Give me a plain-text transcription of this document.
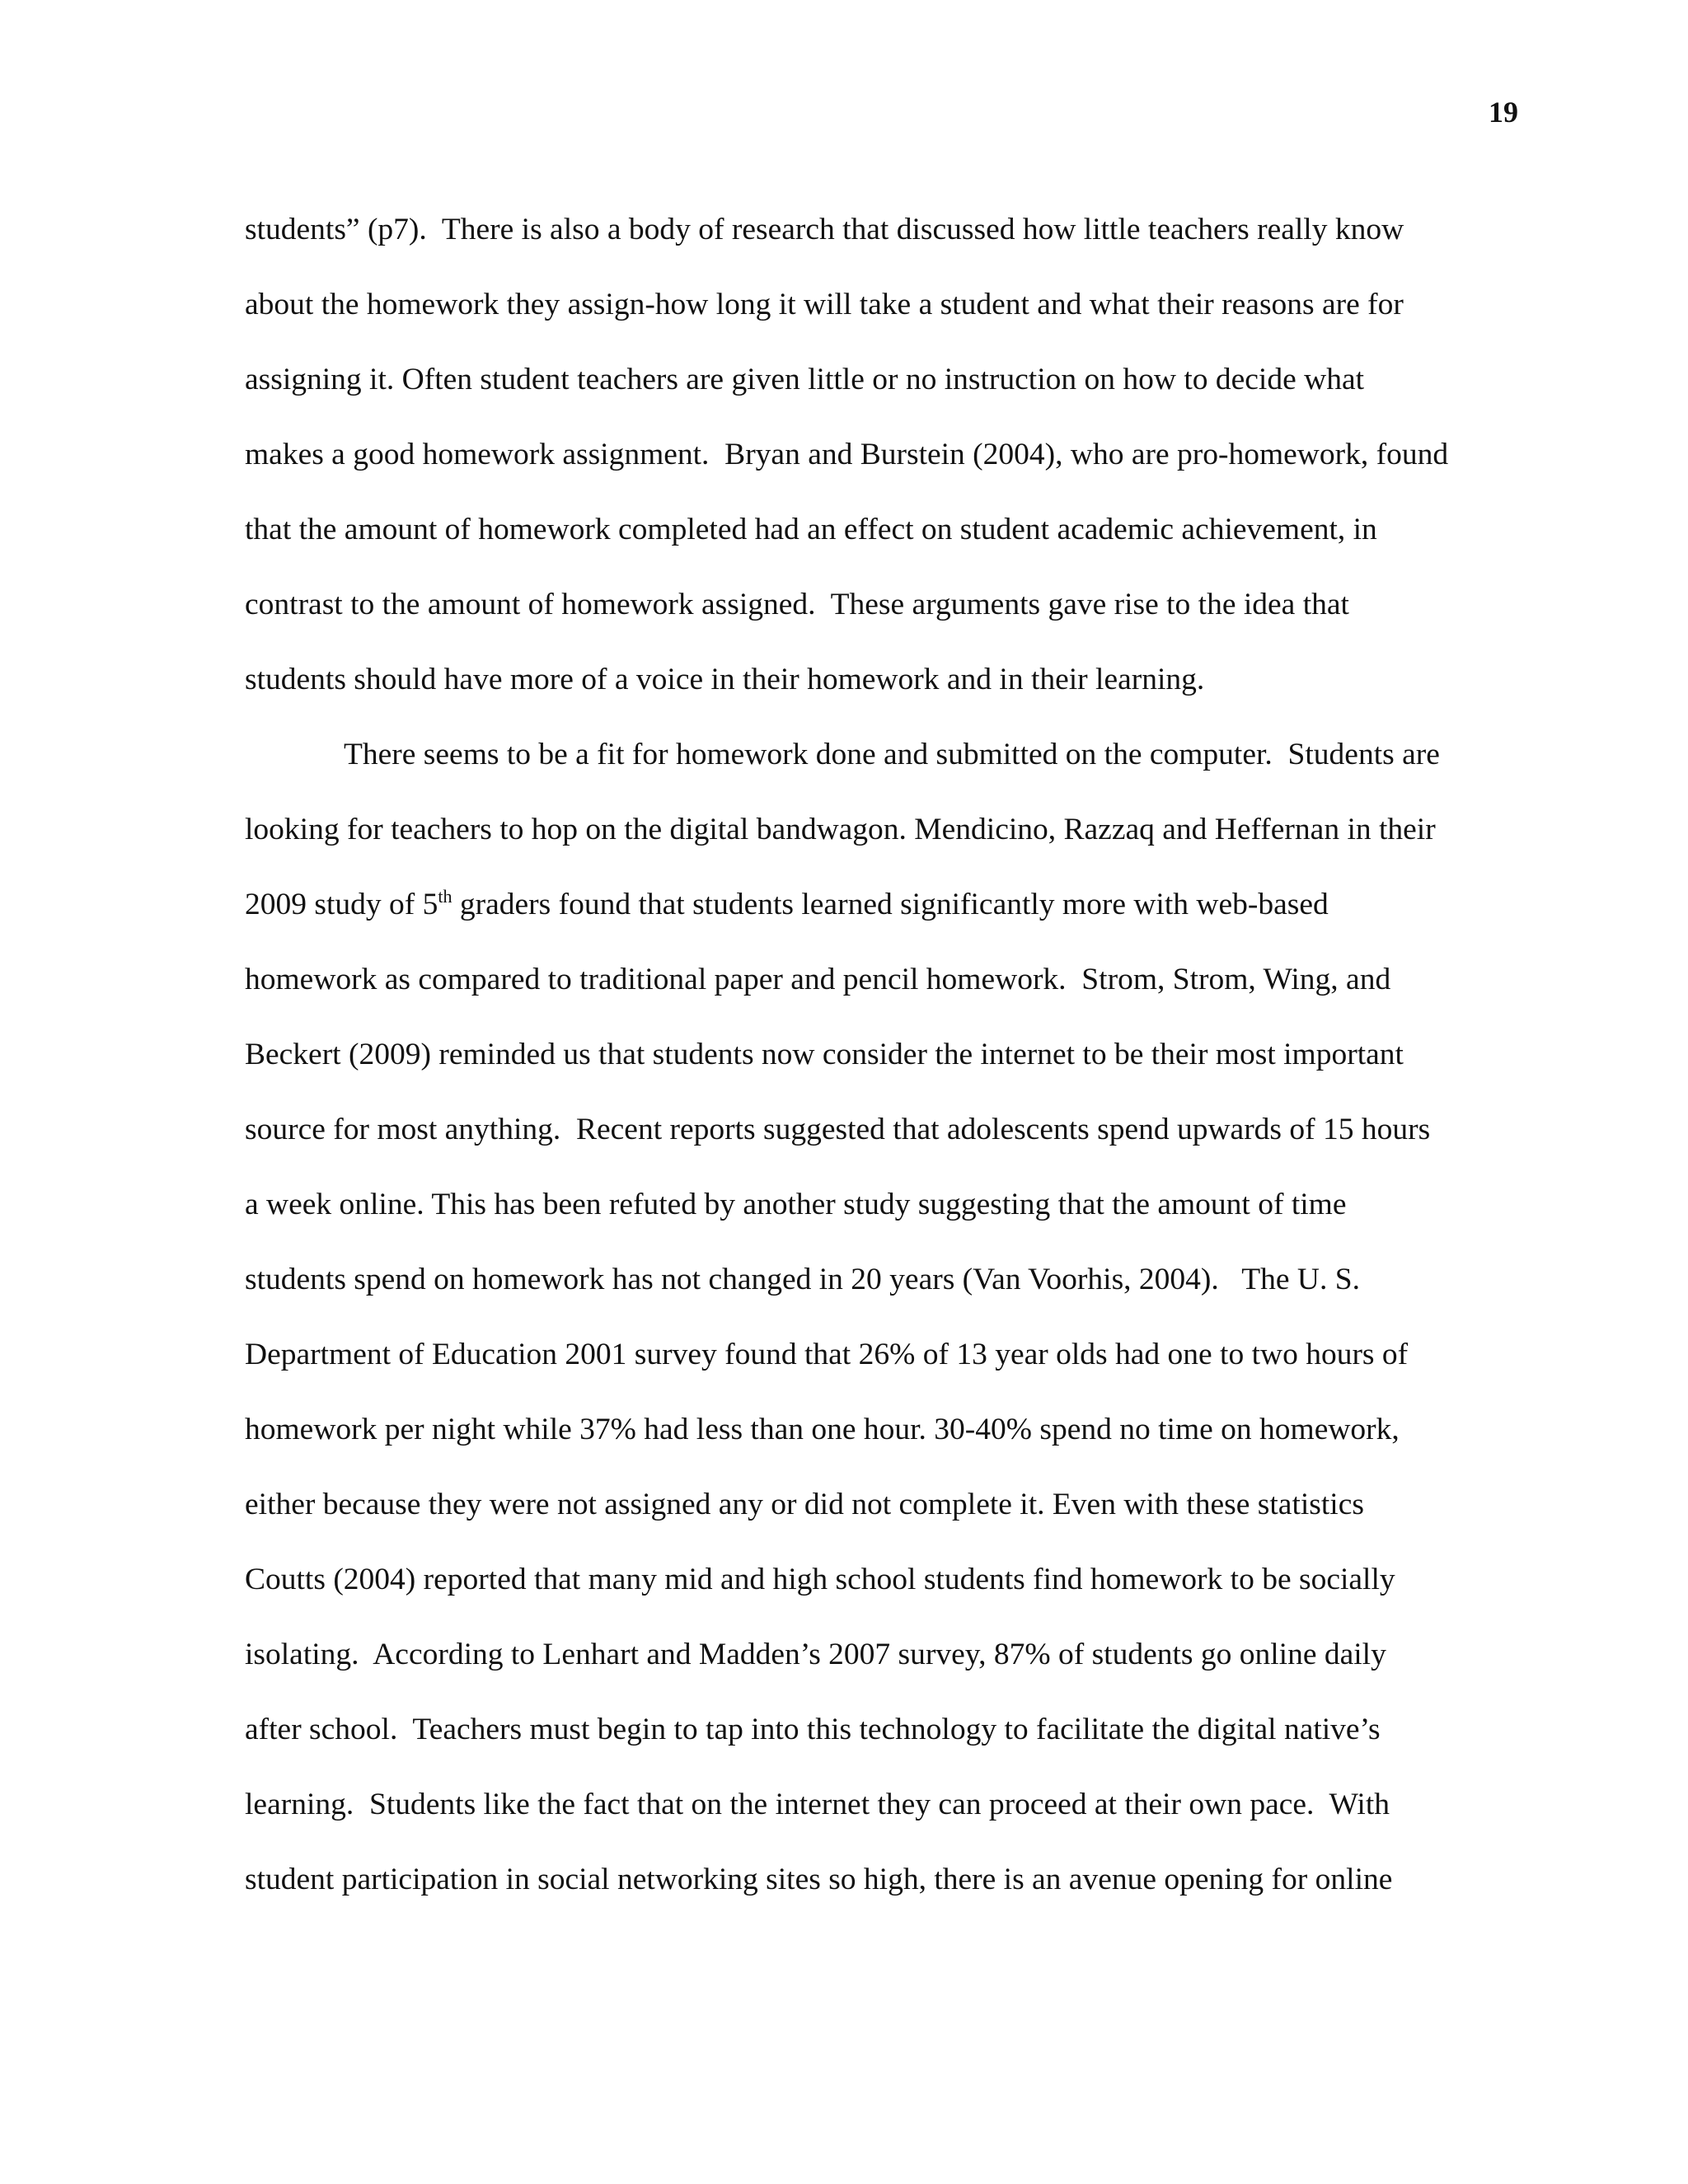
19
students” (p7).  There is also a body of research that discussed how little teachers really know
about the homework they assign-how long it will take a student and what their reasons are for
assigning it. Often student teachers are given little or no instruction on how to decide what
makes a good homework assignment.  Bryan and Burstein (2004), who are pro-homework, found
that the amount of homework completed had an effect on student academic achievement, in
contrast to the amount of homework assigned.  These arguments gave rise to the idea that
students should have more of a voice in their homework and in their learning.
There seems to be a fit for homework done and submitted on the computer.  Students are
looking for teachers to hop on the digital bandwagon. Mendicino, Razzaq and Heffernan in their
2009 study of 5th graders found that students learned significantly more with web-based
homework as compared to traditional paper and pencil homework.  Strom, Strom, Wing, and
Beckert (2009) reminded us that students now consider the internet to be their most important
source for most anything.  Recent reports suggested that adolescents spend upwards of 15 hours
a week online. This has been refuted by another study suggesting that the amount of time
students spend on homework has not changed in 20 years (Van Voorhis, 2004).   The U. S.
Department of Education 2001 survey found that 26% of 13 year olds had one to two hours of
homework per night while 37% had less than one hour. 30-40% spend no time on homework,
either because they were not assigned any or did not complete it. Even with these statistics
Coutts (2004) reported that many mid and high school students find homework to be socially
isolating.  According to Lenhart and Madden’s 2007 survey, 87% of students go online daily
after school.  Teachers must begin to tap into this technology to facilitate the digital native’s
learning.  Students like the fact that on the internet they can proceed at their own pace.  With
student participation in social networking sites so high, there is an avenue opening for online
